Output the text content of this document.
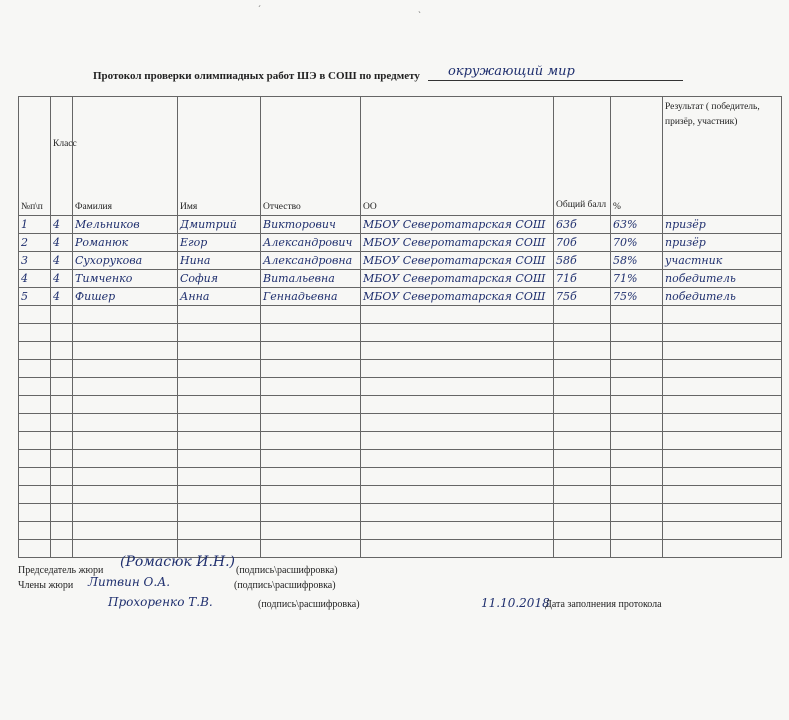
Протокол проверки олимпиадных работ ШЭ в СОШ по предмету окружающий мир
№п\п	Класс	Фамилия	Имя	Отчество	ОО	Общий балл	%	Результат ( победитель, призёр, участник)
1	4	Мельников	Дмитрий	Викторович	МБОУ Северотатарская СОШ	63б	63%	призёр
2	4	Романюк	Егор	Александрович	МБОУ Северотатарская СОШ	70б	70%	призёр
3	4	Сухорукова	Нина	Александровна	МБОУ Северотатарская СОШ	58б	58%	участник
4	4	Тимченко	София	Витальевна	МБОУ Северотатарская СОШ	71б	71%	победитель
5	4	Фишер	Анна	Геннадьевна	МБОУ Северотатарская СОШ	75б	75%	победитель

Председатель жюри
(Ромасюк И.Н.)
(подпись\расшифровка)
Члены жюри Литвин О.А.	(подпись\расшифровка)
Прохоренко Т.В.	(подпись\расшифровка)	11.10.2018
Дата заполнения протокола
ˊ
ˋ
